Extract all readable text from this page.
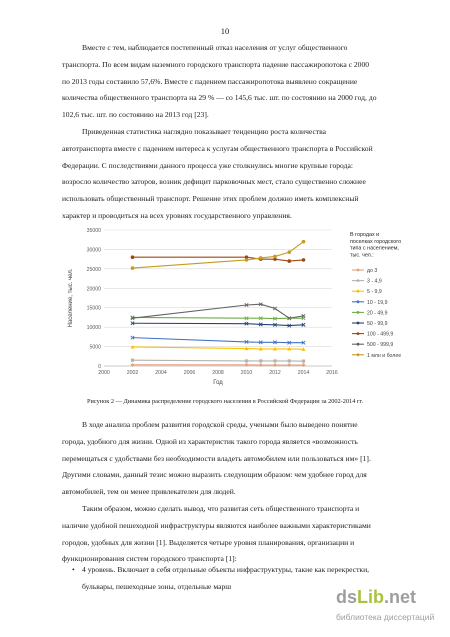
10
Вместе с тем, наблюдается постепенный отказ населения от услуг общественного
транспорта. По всем видам наземного городского транспорта падение пассажиропотока с 2000
по 2013 годы составило 57,6%. Вместе с падением пассажиропотока выявлено сокращение
количества общественного транспорта на 29 % — со 145,6 тыс. шт. по состоянию на 2000 год, до
102,6 тыс. шт. по состоянию на 2013 год [23].
Приведенная статистика наглядно показывает тенденцию роста количества
автотранспорта вместе с падением интереса к услугам общественного транспорта в Российской
Федерации. С последствиями данного процесса уже столкнулись многие крупные города:
возросло количество заторов, возник дефицит парковочных мест, стало существенно сложнее
использовать общественный транспорт. Решение этих проблем должно иметь комплексный
характер и проводиться на всех уровнях государственного управления.
0
5000
10000
15000
20000
25000
30000
35000
2000	2002	2004	2006	2008	2010	2012	2014	2016
Год
Население, тыс. чел.
В городах и поселках городского типа с населением, тыс. чел.:
до 3
3 - 4,9
5 - 9,9
10 - 19,9
20 - 49,9
50 - 99,9
100 - 499,9
500 - 999,9
1 млн и более
Рисунок 2 — Динамика распределение городского населения в Российской Федерации за 2002-2014 гг.
В ходе анализа проблем развития городской среды, учеными было выведено понятие
города, удобного для жизни. Одной из характеристик такого города является «возможность
перемещаться с удобствами без необходимости владеть автомобилем или пользоваться им» [1].
Другими словами, данный тезис можно выразить следующим образом: чем удобнее город для
автомобилей, тем он менее привлекателен для людей.
Таким образом, можно сделать вывод, что развитая сеть общественного транспорта и
наличие удобной пешеходной инфраструктуры являются наиболее важными характеристиками
городов, удобных для жизни [1]. Выделяется четыре уровня планирования, организации и
функционирования систем городского транспорта [1]:
• 4 уровень. Включает в себя отдельные объекты инфраструктуры, такие как перекрестки,
бульвары, пешеходные зоны, отдельные марш
dsLib.net
библиотека диссертаций
